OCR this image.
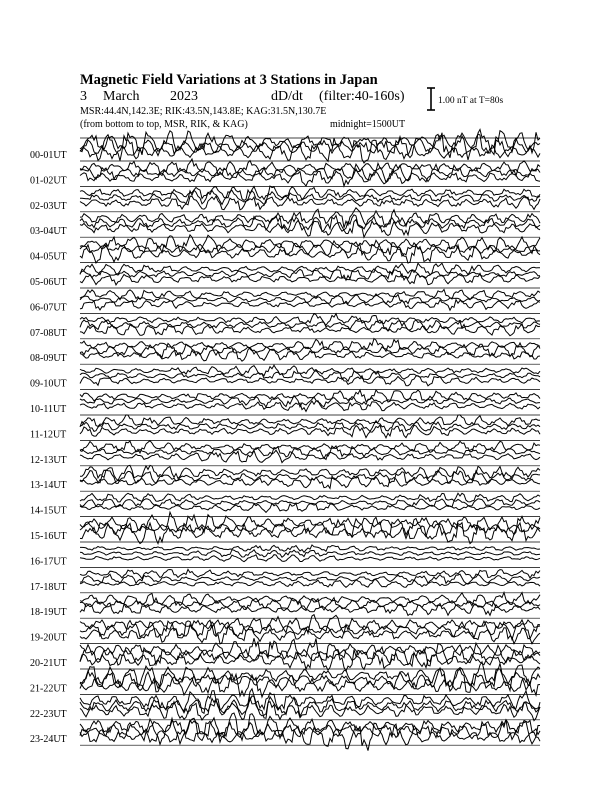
Magnetic Field Variations at 3 Stations in Japan
3 March 2023	dD/dt (filter:40-160s)
MSR:44.4N,142.3E; RIK:43.5N,143.8E; KAG:31.5N,130.7E
(from bottom to top, MSR, RIK, & KAG)	midnight=1500UT
1.00 nT at T=80s
00-01UT
01-02UT
02-03UT
03-04UT
04-05UT
05-06UT
06-07UT
07-08UT
08-09UT
09-10UT
10-11UT
11-12UT
12-13UT
13-14UT
14-15UT
15-16UT
16-17UT
17-18UT
18-19UT
19-20UT
20-21UT
21-22UT
22-23UT
23-24UT
